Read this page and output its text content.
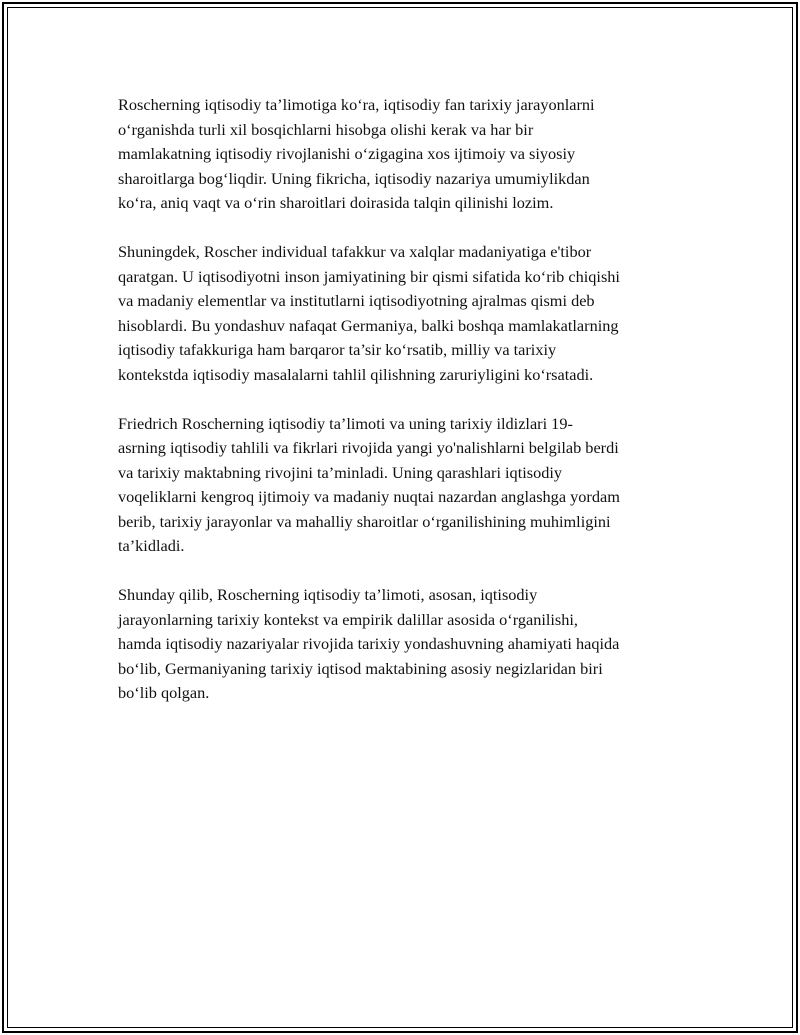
Roscherning iqtisodiy ta’limotiga ko‘ra, iqtisodiy fan tarixiy jarayonlarni
o‘rganishda turli xil bosqichlarni hisobga olishi kerak va har bir
mamlakatning iqtisodiy rivojlanishi o‘zigagina xos ijtimoiy va siyosiy
sharoitlarga bog‘liqdir. Uning fikricha, iqtisodiy nazariya umumiylikdan
ko‘ra, aniq vaqt va o‘rin sharoitlari doirasida talqin qilinishi lozim.

Shuningdek, Roscher individual tafakkur va xalqlar madaniyatiga e'tibor
qaratgan. U iqtisodiyotni inson jamiyatining bir qismi sifatida ko‘rib chiqishi
va madaniy elementlar va institutlarni iqtisodiyotning ajralmas qismi deb
hisoblardi. Bu yondashuv nafaqat Germaniya, balki boshqa mamlakatlarning
iqtisodiy tafakkuriga ham barqaror ta’sir ko‘rsatib, milliy va tarixiy
kontekstda iqtisodiy masalalarni tahlil qilishning zaruriyligini ko‘rsatadi.

Friedrich Roscherning iqtisodiy ta’limoti va uning tarixiy ildizlari 19-
asrning iqtisodiy tahlili va fikrlari rivojida yangi yo'nalishlarni belgilab berdi
va tarixiy maktabning rivojini ta’minladi. Uning qarashlari iqtisodiy
voqeliklarni kengroq ijtimoiy va madaniy nuqtai nazardan anglashga yordam
berib, tarixiy jarayonlar va mahalliy sharoitlar o‘rganilishining muhimligini
ta’kidladi.

Shunday qilib, Roscherning iqtisodiy ta’limoti, asosan, iqtisodiy
jarayonlarning tarixiy kontekst va empirik dalillar asosida o‘rganilishi,
hamda iqtisodiy nazariyalar rivojida tarixiy yondashuvning ahamiyati haqida
bo‘lib, Germaniyaning tarixiy iqtisod maktabining asosiy negizlaridan biri
bo‘lib qolgan.
